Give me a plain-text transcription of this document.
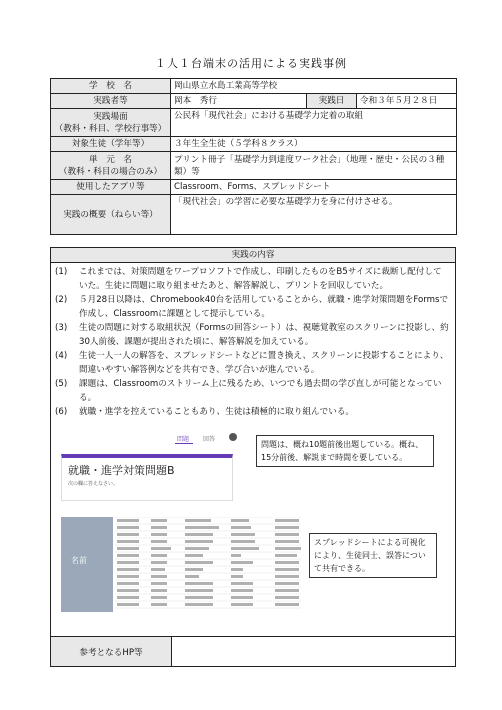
１人１台端末の活用による実践事例
学　校　名	岡山県立水島工業高等学校		
実践者等	岡本　秀行	実践日	令和３年５月２８日
実践場面
（教科・科目、学校行事等）	公民科「現代社会」における基礎学力定着の取組		
対象生徒（学年等）	３年生全生徒（５学科８クラス）		
単　元　名
（教科・科目の場合のみ）	プリント冊子「基礎学力到達度ワーク社会」（地理・歴史・公民の３種類）等		
使用したアプリ等	Classroom、Forms、スプレッドシート		
実践の概要（ねらい等）	「現代社会」の学習に必要な基礎学力を身に付けさせる。		
実践の内容
(1) これまでは、対策問題をワープロソフトで作成し、印刷したものをB5サイズに裁断し配付していた。生徒に問題に取り組ませたあと、解答解説し、プリントを回収していた。
(2) ５月28日以降は、Chromebook40台を活用していることから、就職・進学対策問題をFormsで作成し、Classroomに課題として提示している。
(3) 生徒の問題に対する取組状況（Formsの回答シート）は、視聴覚教室のスクリーンに投影し、約30人前後、課題が提出された頃に、解答解説を加えている。
(4) 生徒一人一人の解答を、スプレッドシートなどに置き換え、スクリーンに投影することにより、間違いやすい解答例などを共有でき、学び合いが進んでいる。
(5) 課題は、Classroomのストリーム上に残るため、いつでも過去問の学び直しが可能となっている。
(6) 就職・進学を控えていることもあり、生徒は積極的に取り組んでいる。
問題 回答
就職・進学対策問題B
次の欄に答えなさい。
名前
問題は、概ね10題前後出題している。概ね、15分前後、解説まで時間を要している。
スプレッドシートによる可視化により、生徒同士、誤答について共有できる。
参考となるHP等
